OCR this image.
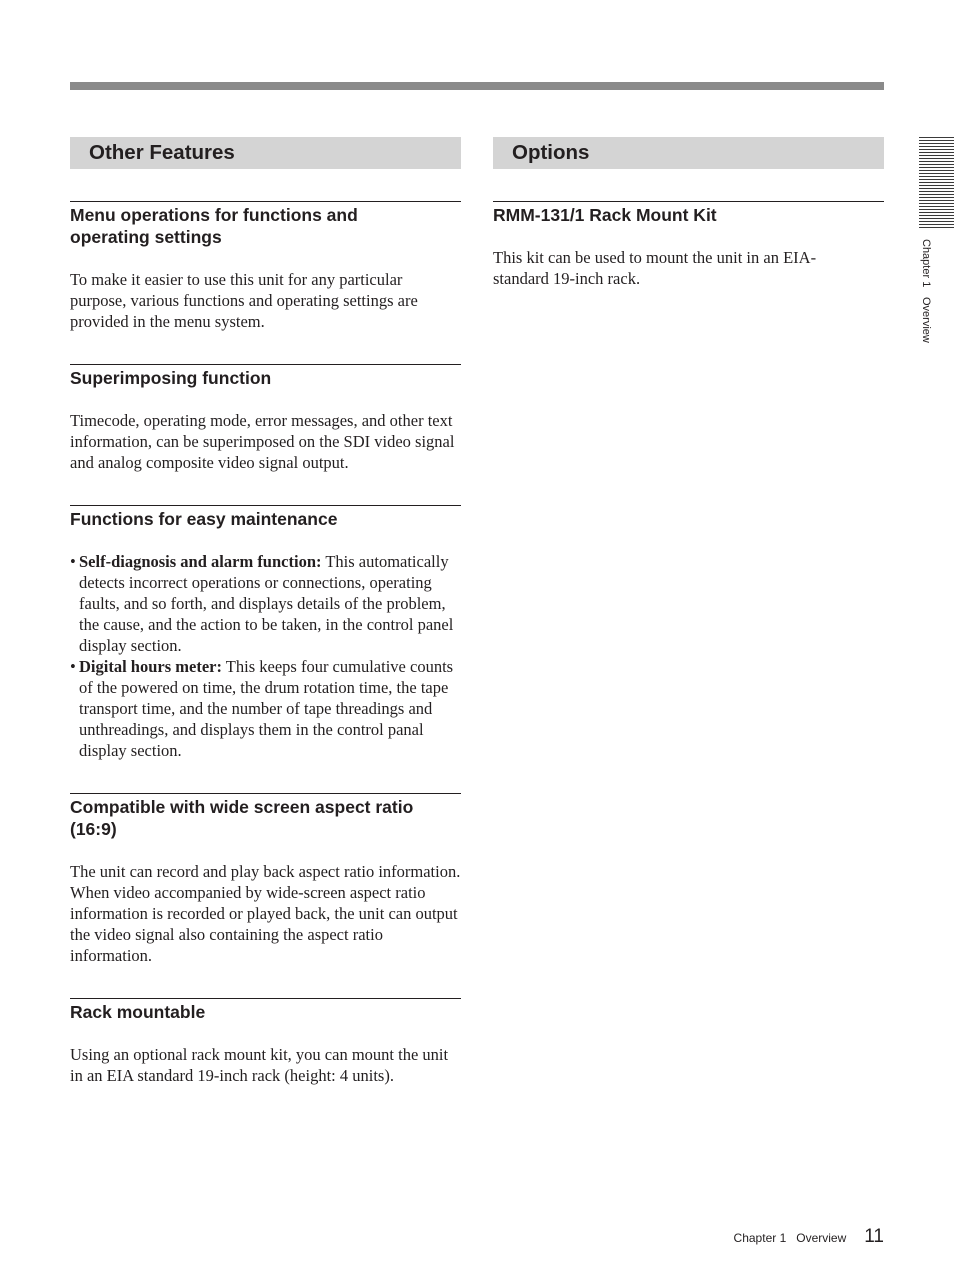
Other Features
Menu operations for functions and
operating settings

To make it easier to use this unit for any particular purpose, various functions and operating settings are provided in the menu system.

Superimposing function

Timecode, operating mode, error messages, and other text information, can be superimposed on the SDI video signal and analog composite video signal output.

Functions for easy maintenance
• Self-diagnosis and alarm function: This automatically detects incorrect operations or connections, operating faults, and so forth, and displays details of the problem, the cause, and the action to be taken, in the control panel display section.
• Digital hours meter: This keeps four cumulative counts of the powered on time, the drum rotation time, the tape transport time, and the number of tape threadings and unthreadings, and displays them in the control panal display section.
Compatible with wide screen aspect ratio
(16:9)

The unit can record and play back aspect ratio information. When video accompanied by wide-screen aspect ratio information is recorded or played back, the unit can output the video signal also containing the aspect ratio information.

Rack mountable

Using an optional rack mount kit, you can mount the unit in an EIA standard 19-inch rack (height: 4 units).

Options
RMM-131/1 Rack Mount Kit

This kit can be used to mount the unit in an EIA-
standard 19-inch rack.	Chapter 1Overview
Chapter 1 Overview 11
